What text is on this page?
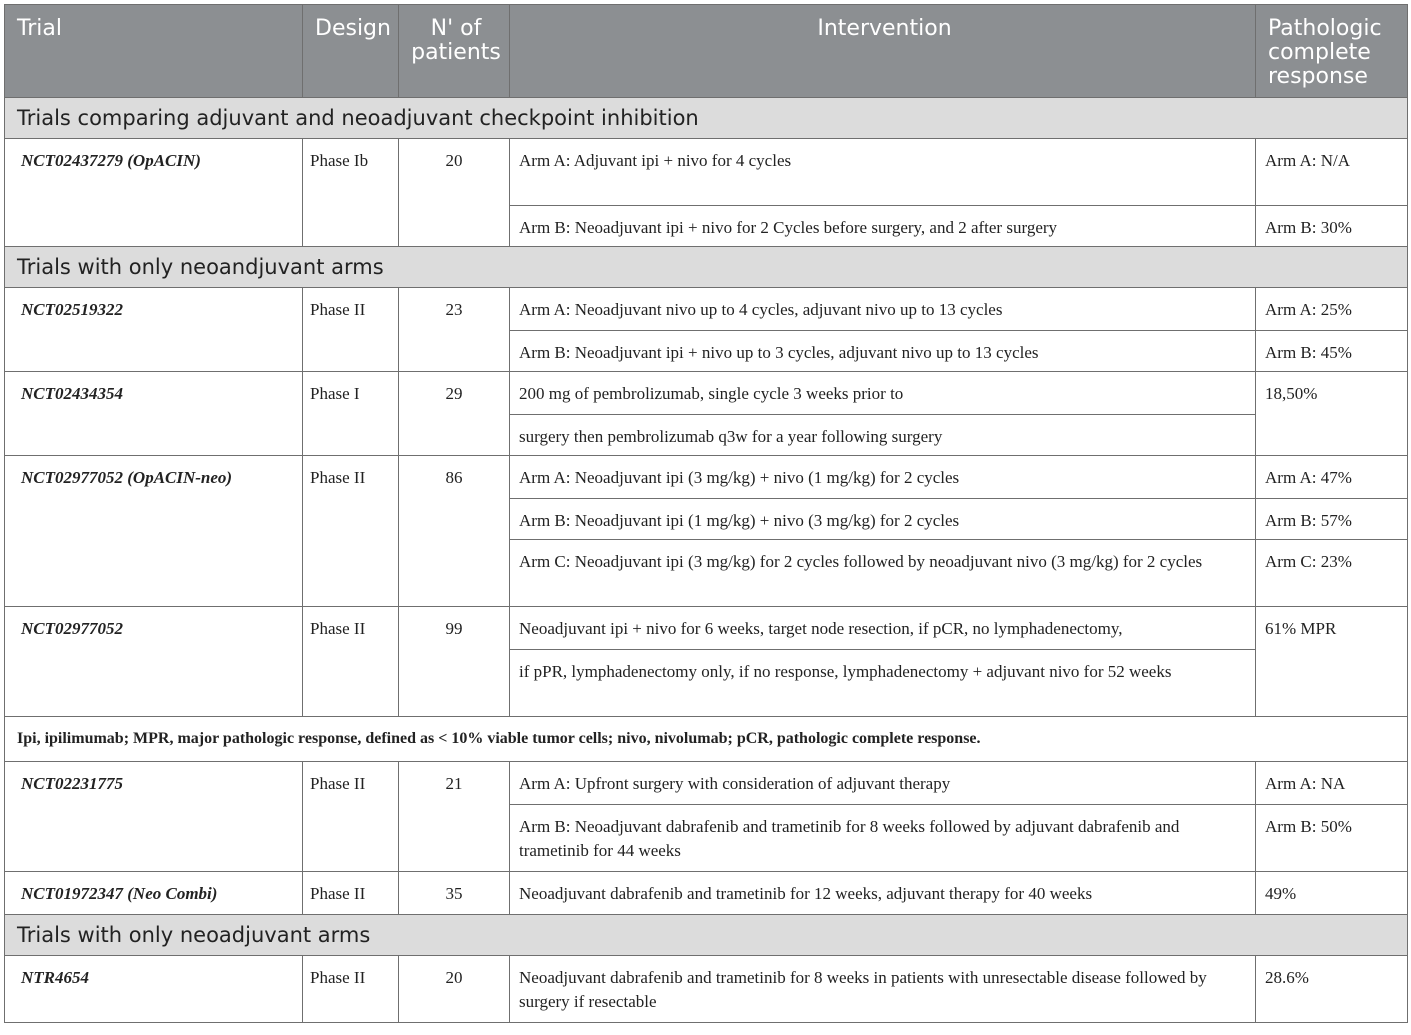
Trial	Design	N' of patients	Intervention	Pathologic complete response
Trials comparing adjuvant and neoadjuvant checkpoint inhibition				
NCT02437279 (OpACIN)	Phase Ib	20	Arm A: Adjuvant ipi + nivo for 4 cycles	Arm A: N/A
			Arm B: Neoadjuvant ipi + nivo for 2 Cycles before surgery, and 2 after surgery	Arm B: 30%
Trials with only neoandjuvant arms				
NCT02519322	Phase II	23	Arm A: Neoadjuvant nivo up to 4 cycles, adjuvant nivo up to 13 cycles	Arm A: 25%
			Arm B: Neoadjuvant ipi + nivo up to 3 cycles, adjuvant nivo up to 13 cycles	Arm B: 45%
NCT02434354	Phase I	29	200 mg of pembrolizumab, single cycle 3 weeks prior to	18,50%
			surgery then pembrolizumab q3w for a year following surgery	
NCT02977052 (OpACIN-neo)	Phase II	86	Arm A: Neoadjuvant ipi (3 mg/kg) + nivo (1 mg/kg) for 2 cycles	Arm A: 47%
			Arm B: Neoadjuvant ipi (1 mg/kg) + nivo (3 mg/kg) for 2 cycles	Arm B: 57%
			Arm C: Neoadjuvant ipi (3 mg/kg) for 2 cycles followed by neoadjuvant nivo (3 mg/kg) for 2 cycles	Arm C: 23%
NCT02977052	Phase II	99	Neoadjuvant ipi + nivo for 6 weeks, target node resection, if pCR, no lymphadenectomy,	61% MPR
			if pPR, lymphadenectomy only, if no response, lymphadenectomy + adjuvant nivo for 52 weeks	
Ipi, ipilimumab; MPR, major pathologic response, defined as < 10% viable tumor cells; nivo, nivolumab; pCR, pathologic complete response.				
NCT02231775	Phase II	21	Arm A: Upfront surgery with consideration of adjuvant therapy	Arm A: NA
			Arm B: Neoadjuvant dabrafenib and trametinib for 8 weeks followed by adjuvant dabrafenib and trametinib for 44 weeks	Arm B: 50%
NCT01972347 (Neo Combi)	Phase II	35	Neoadjuvant dabrafenib and trametinib for 12 weeks, adjuvant therapy for 40 weeks	49%
Trials with only neoadjuvant arms				
NTR4654	Phase II	20	Neoadjuvant dabrafenib and trametinib for 8 weeks in patients with unresectable disease followed by surgery if resectable	28.6%
